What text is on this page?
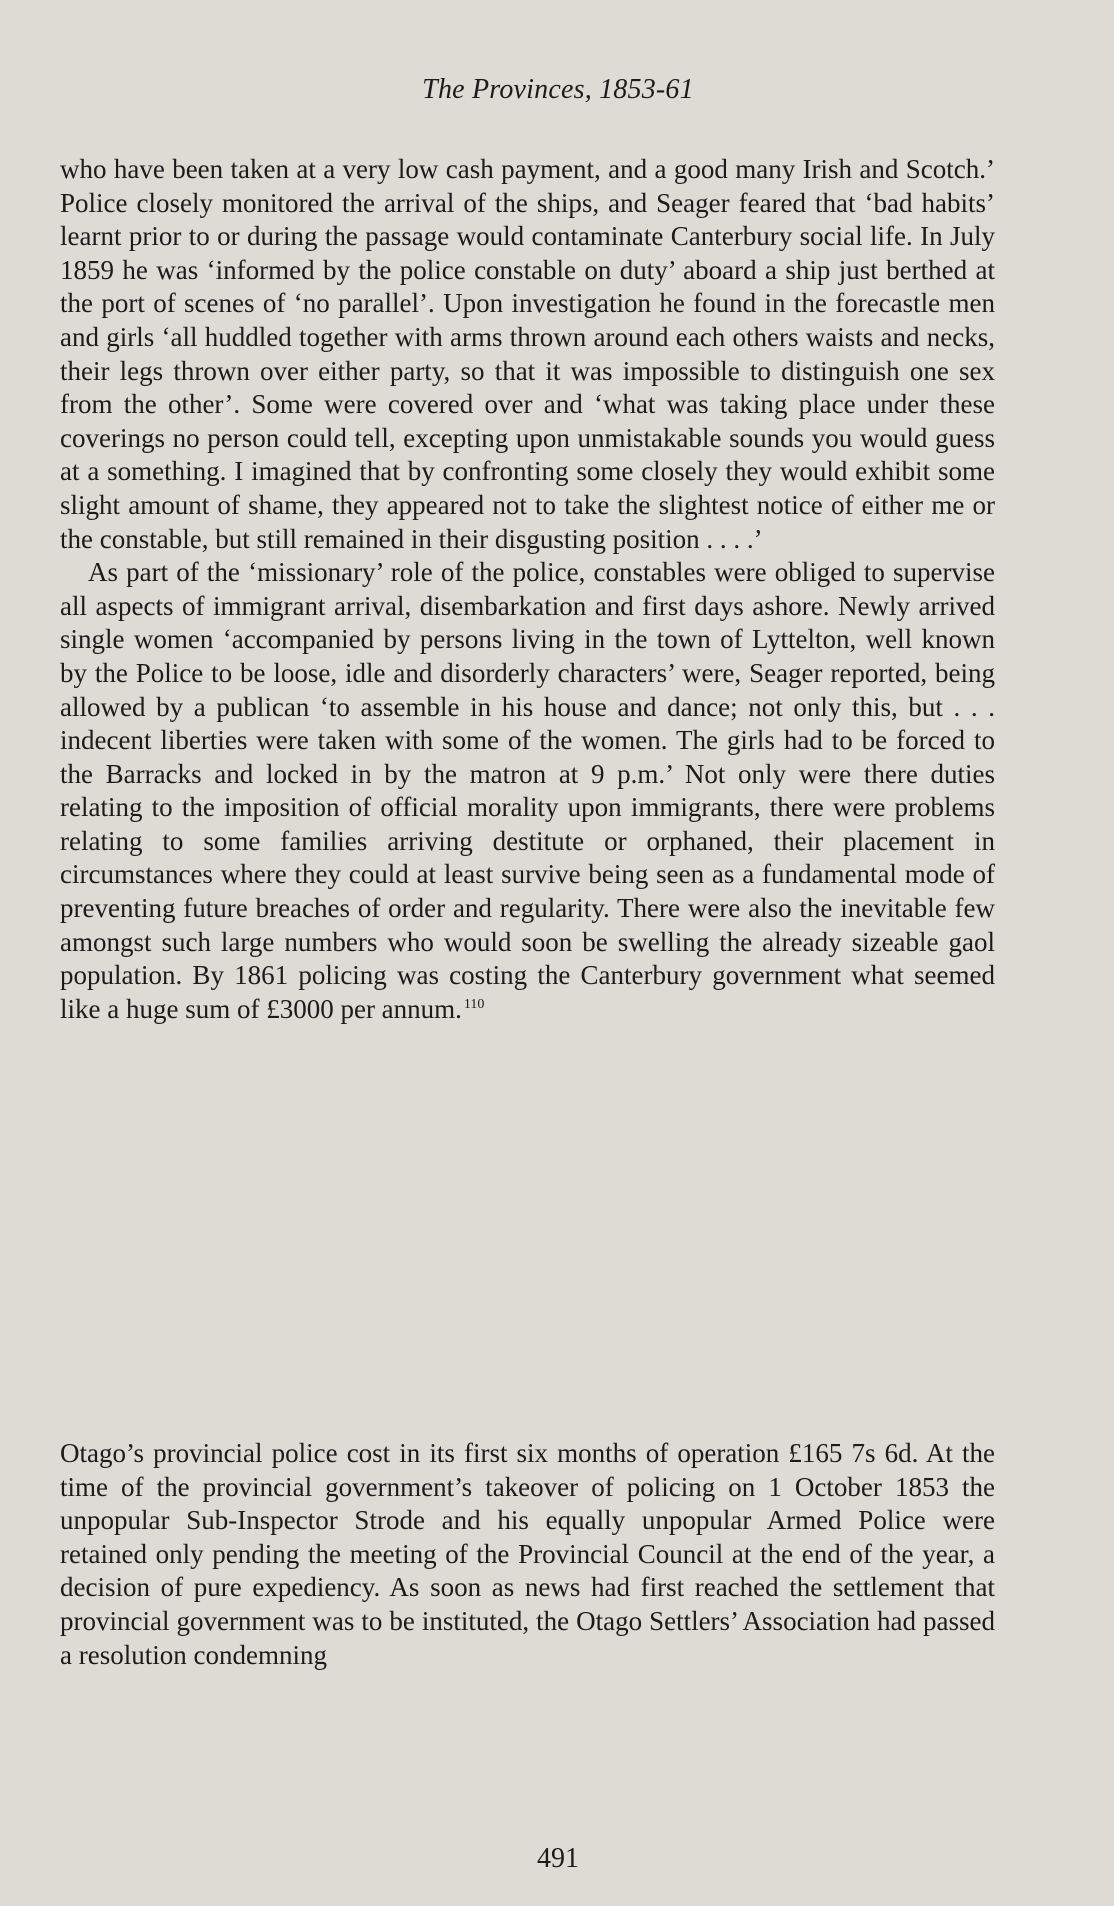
The Provinces, 1853-61

who have been taken at a very low cash payment, and a good many Irish and Scotch.’ Police closely monitored the arrival of the ships, and Seager feared that ‘bad habits’ learnt prior to or during the passage would contaminate Canterbury social life. In July 1859 he was ‘informed by the police constable on duty’ aboard a ship just berthed at the port of scenes of ‘no parallel’. Upon investigation he found in the forecastle men and girls ‘all huddled together with arms thrown around each others waists and necks, their legs thrown over either party, so that it was impossible to distinguish one sex from the other’. Some were covered over and ‘what was taking place under these coverings no person could tell, excepting upon unmistakable sounds you would guess at a something. I imagined that by confronting some closely they would exhibit some slight amount of shame, they appeared not to take the slightest notice of either me or the constable, but still remained in their disgusting position . . . .’

As part of the ‘missionary’ role of the police, constables were obliged to supervise all aspects of immigrant arrival, disembarkation and first days ashore. Newly arrived single women ‘accompanied by persons living in the town of Lyttelton, well known by the Police to be loose, idle and disorderly characters’ were, Seager reported, being allowed by a publican ‘to assemble in his house and dance; not only this, but . . . indecent liberties were taken with some of the women. The girls had to be forced to the Barracks and locked in by the matron at 9 p.m.’ Not only were there duties relating to the imposition of official morality upon immigrants, there were problems relating to some families arriving destitute or orphaned, their placement in circumstances where they could at least survive being seen as a fundamental mode of preventing future breaches of order and regularity. There were also the inevitable few amongst such large numbers who would soon be swelling the already sizeable gaol population. By 1861 policing was costing the Canterbury government what seemed like a huge sum of £3000 per annum. $^{110}$

Otago’s provincial police cost in its first six months of operation £165 7s 6d. At the time of the provincial government’s takeover of policing on 1 October 1853 the unpopular Sub-Inspector Strode and his equally unpopular Armed Police were retained only pending the meeting of the Provincial Council at the end of the year, a decision of pure expediency. As soon as news had first reached the settlement that provincial government was to be instituted, the Otago Settlers’ Association had passed a resolution condemning

491
